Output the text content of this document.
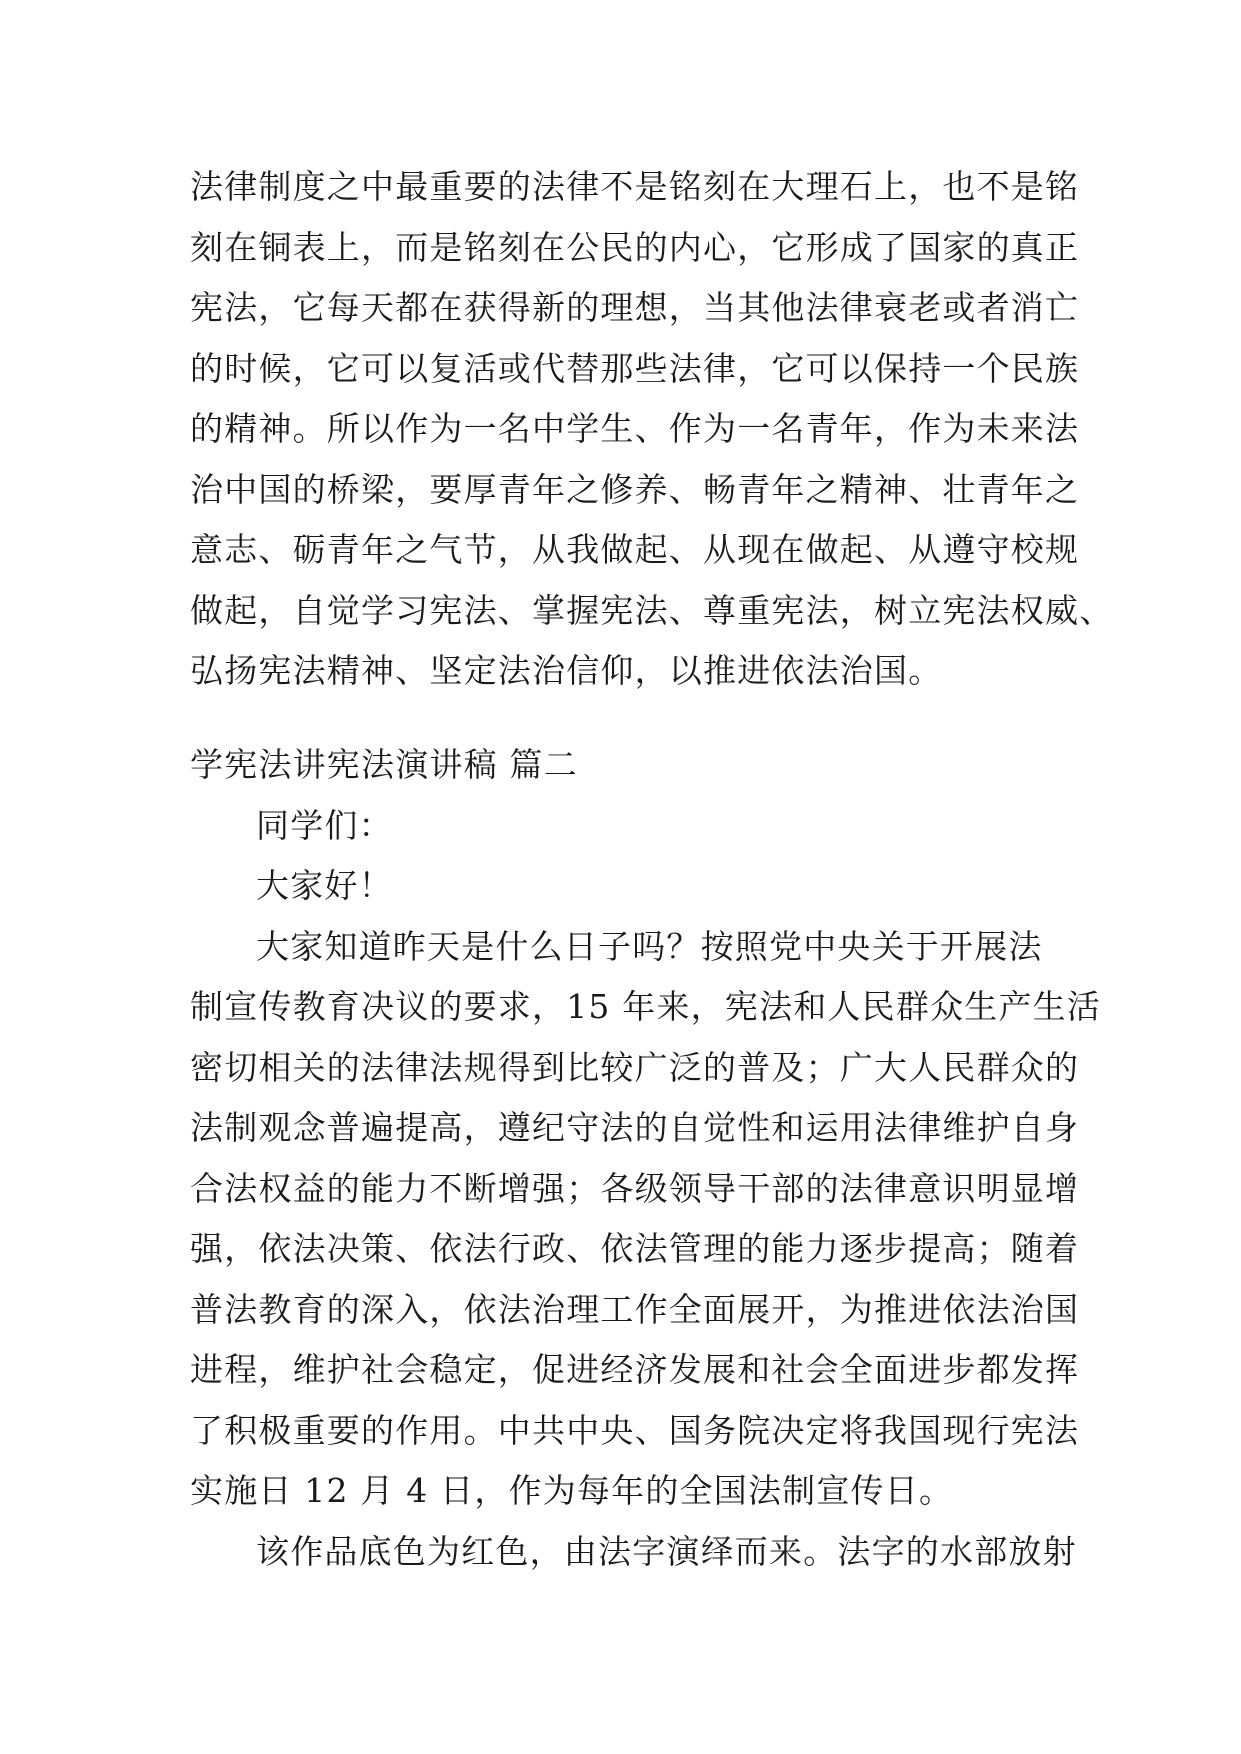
法律制度之中最重要的法律不是铭刻在大理石上，也不是铭
刻在铜表上，而是铭刻在公民的内心，它形成了国家的真正
宪法，它每天都在获得新的理想，当其他法律衰老或者消亡
的时候，它可以复活或代替那些法律，它可以保持一个民族
的精神。所以作为一名中学生、作为一名青年，作为未来法
治中国的桥梁，要厚青年之修养、畅青年之精神、壮青年之
意志、砺青年之气节，从我做起、从现在做起、从遵守校规
做起，自觉学习宪法、掌握宪法、尊重宪法，树立宪法权威、
弘扬宪法精神、坚定法治信仰，以推进依法治国。
学宪法讲宪法演讲稿 篇二
同学们：
大家好！
大家知道昨天是什么日子吗？按照党中央关于开展法
制宣传教育决议的要求，15 年来，宪法和人民群众生产生活
密切相关的法律法规得到比较广泛的普及；广大人民群众的
法制观念普遍提高，遵纪守法的自觉性和运用法律维护自身
合法权益的能力不断增强；各级领导干部的法律意识明显增
强，依法决策、依法行政、依法管理的能力逐步提高；随着
普法教育的深入，依法治理工作全面展开，为推进依法治国
进程，维护社会稳定，促进经济发展和社会全面进步都发挥
了积极重要的作用。中共中央、国务院决定将我国现行宪法
实施日 12 月 4 日，作为每年的全国法制宣传日。
该作品底色为红色，由法字演绎而来。法字的水部放射
